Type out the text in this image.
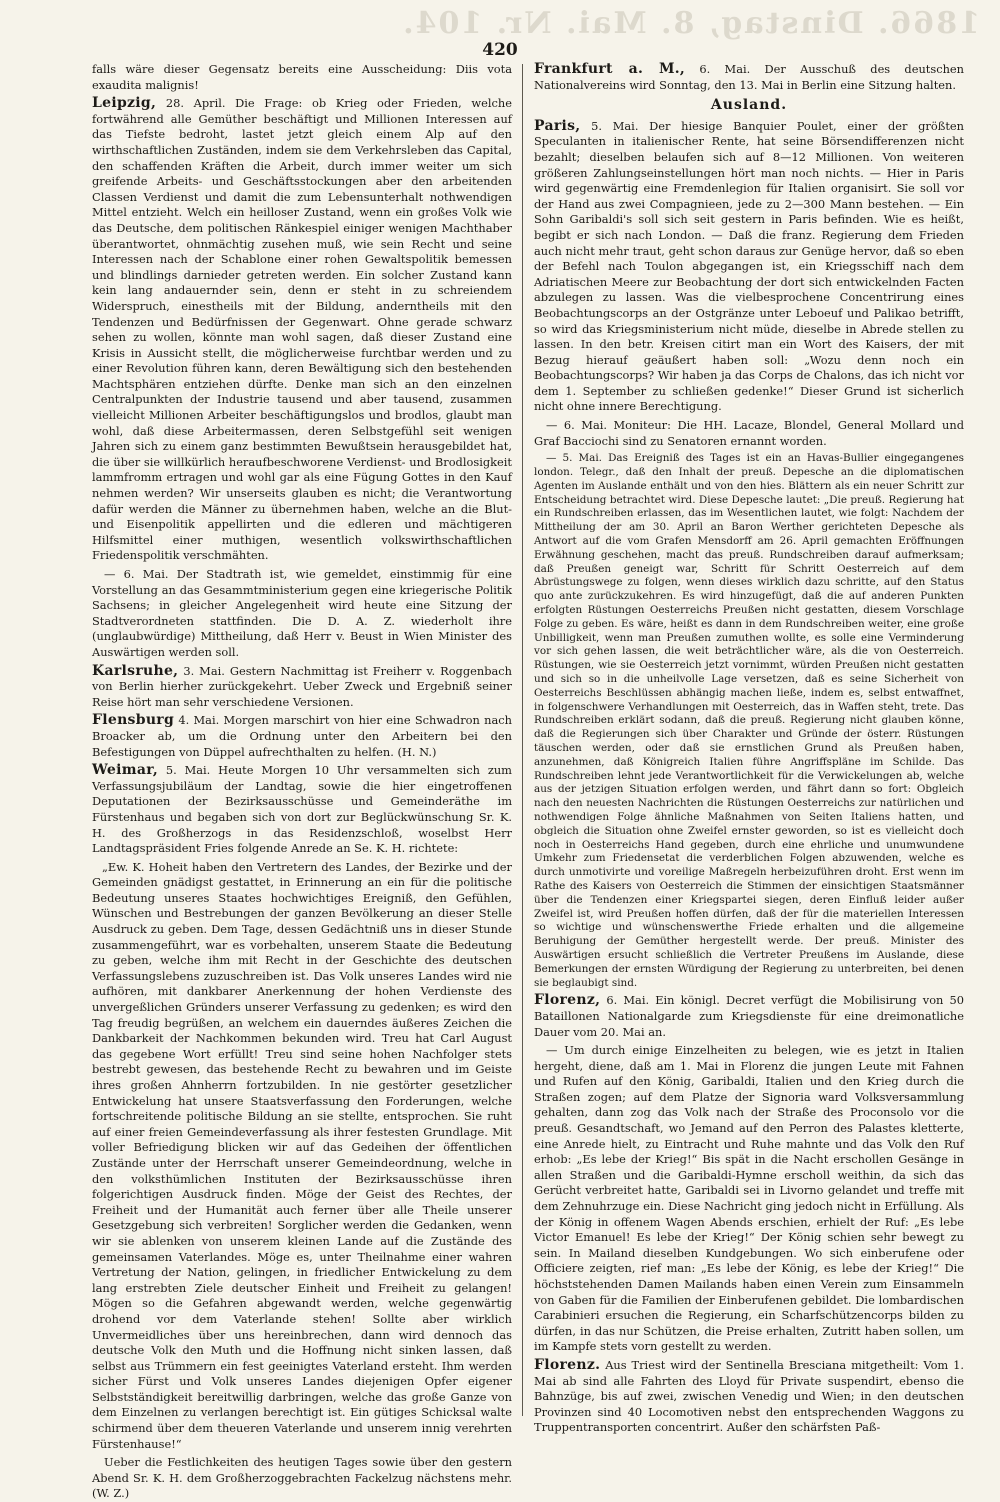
1866. Dinstag, 8. Mai. Nr. 104.
420

falls wäre dieser Gegensatz bereits eine Ausscheidung: Diis vota exaudita malignis!

Leipzig, 28. April. Die Frage: ob Krieg oder Frieden, welche fortwährend alle Gemüther beschäftigt und Millionen Interessen auf das Tiefste bedroht, lastet jetzt gleich einem Alp auf den wirthschaftlichen Zuständen, indem sie dem Verkehrsleben das Capital, den schaffenden Kräften die Arbeit, durch immer weiter um sich greifende Arbeits- und Geschäftsstockungen aber den arbeitenden Classen Verdienst und damit die zum Lebensunterhalt nothwendigen Mittel entzieht. Welch ein heilloser Zustand, wenn ein großes Volk wie das Deutsche, dem politischen Ränkespiel einiger wenigen Machthaber überantwortet, ohnmächtig zusehen muß, wie sein Recht und seine Interessen nach der Schablone einer rohen Gewaltspolitik bemessen und blindlings darnieder getreten werden. Ein solcher Zustand kann kein lang andauernder sein, denn er steht in zu schreiendem Widerspruch, einestheils mit der Bildung, anderntheils mit den Tendenzen und Bedürfnissen der Gegenwart. Ohne gerade schwarz sehen zu wollen, könnte man wohl sagen, daß dieser Zustand eine Krisis in Aussicht stellt, die möglicherweise furchtbar werden und zu einer Revolution führen kann, deren Bewältigung sich den bestehenden Machtsphären entziehen dürfte. Denke man sich an den einzelnen Centralpunkten der Industrie tausend und aber tausend, zusammen vielleicht Millionen Arbeiter beschäftigungslos und brodlos, glaubt man wohl, daß diese Arbeitermassen, deren Selbstgefühl seit wenigen Jahren sich zu einem ganz bestimmten Bewußtsein herausgebildet hat, die über sie willkürlich heraufbeschworene Verdienst- und Brodlosigkeit lammfromm ertragen und wohl gar als eine Fügung Gottes in den Kauf nehmen werden? Wir unserseits glauben es nicht; die Verantwortung dafür werden die Männer zu übernehmen haben, welche an die Blut- und Eisenpolitik appellirten und die edleren und mächtigeren Hilfsmittel einer muthigen, wesentlich volkswirthschaftlichen Friedenspolitik verschmähten.

— 6. Mai. Der Stadtrath ist, wie gemeldet, einstimmig für eine Vorstellung an das Gesammtministerium gegen eine kriegerische Politik Sachsens; in gleicher Angelegenheit wird heute eine Sitzung der Stadtverordneten stattfinden. Die D. A. Z. wiederholt ihre (unglaubwürdige) Mittheilung, daß Herr v. Beust in Wien Minister des Auswärtigen werden soll.

Karlsruhe, 3. Mai. Gestern Nachmittag ist Freiherr v. Roggenbach von Berlin hierher zurückgekehrt. Ueber Zweck und Ergebniß seiner Reise hört man sehr verschiedene Versionen.

Flensburg 4. Mai. Morgen marschirt von hier eine Schwadron nach Broacker ab, um die Ordnung unter den Arbeitern bei den Befestigungen von Düppel aufrechthalten zu helfen. (H. N.)

Weimar, 5. Mai. Heute Morgen 10 Uhr versammelten sich zum Verfassungsjubiläum der Landtag, sowie die hier eingetroffenen Deputationen der Bezirksausschüsse und Gemeinderäthe im Fürstenhaus und begaben sich von dort zur Beglückwünschung Sr. K. H. des Großherzogs in das Residenzschloß, woselbst Herr Landtagspräsident Fries folgende Anrede an Se. K. H. richtete:

„Ew. K. Hoheit haben den Vertretern des Landes, der Bezirke und der Gemeinden gnädigst gestattet, in Erinnerung an ein für die politische Bedeutung unseres Staates hochwichtiges Ereigniß, den Gefühlen, Wünschen und Bestrebungen der ganzen Bevölkerung an dieser Stelle Ausdruck zu geben. Dem Tage, dessen Gedächtniß uns in dieser Stunde zusammengeführt, war es vorbehalten, unserem Staate die Bedeutung zu geben, welche ihm mit Recht in der Geschichte des deutschen Verfassungslebens zuzuschreiben ist. Das Volk unseres Landes wird nie aufhören, mit dankbarer Anerkennung der hohen Verdienste des unvergeßlichen Gründers unserer Verfassung zu gedenken; es wird den Tag freudig begrüßen, an welchem ein dauerndes äußeres Zeichen die Dankbarkeit der Nachkommen bekunden wird. Treu hat Carl August das gegebene Wort erfüllt! Treu sind seine hohen Nachfolger stets bestrebt gewesen, das bestehende Recht zu bewahren und im Geiste ihres großen Ahnherrn fortzubilden. In nie gestörter gesetzlicher Entwickelung hat unsere Staatsverfassung den Forderungen, welche fortschreitende politische Bildung an sie stellte, entsprochen. Sie ruht auf einer freien Gemeindeverfassung als ihrer festesten Grundlage. Mit voller Befriedigung blicken wir auf das Gedeihen der öffentlichen Zustände unter der Herrschaft unserer Gemeindeordnung, welche in den volksthümlichen Instituten der Bezirksausschüsse ihren folgerichtigen Ausdruck finden. Möge der Geist des Rechtes, der Freiheit und der Humanität auch ferner über alle Theile unserer Gesetzgebung sich verbreiten! Sorglicher werden die Gedanken, wenn wir sie ablenken von unserem kleinen Lande auf die Zustände des gemeinsamen Vaterlandes. Möge es, unter Theilnahme einer wahren Vertretung der Nation, gelingen, in friedlicher Entwickelung zu dem lang erstrebten Ziele deutscher Einheit und Freiheit zu gelangen! Mögen so die Gefahren abgewandt werden, welche gegenwärtig drohend vor dem Vaterlande stehen! Sollte aber wirklich Unvermeidliches über uns hereinbrechen, dann wird dennoch das deutsche Volk den Muth und die Hoffnung nicht sinken lassen, daß selbst aus Trümmern ein fest geeinigtes Vaterland ersteht. Ihm werden sicher Fürst und Volk unseres Landes diejenigen Opfer eigener Selbstständigkeit bereitwillig darbringen, welche das große Ganze von dem Einzelnen zu verlangen berechtigt ist. Ein gütiges Schicksal walte schirmend über dem theueren Vaterlande und unserem innig verehrten Fürstenhause!“

Ueber die Festlichkeiten des heutigen Tages sowie über den gestern Abend Sr. K. H. dem Großherzoggebrachten Fackelzug nächstens mehr. (W. Z.)

Frankfurt a. M., 6. Mai. Der Ausschuß des deutschen Nationalvereins wird Sonntag, den 13. Mai in Berlin eine Sitzung halten.

Ausland.

Paris, 5. Mai. Der hiesige Banquier Poulet, einer der größten Speculanten in italienischer Rente, hat seine Börsendifferenzen nicht bezahlt; dieselben belaufen sich auf 8—12 Millionen. Von weiteren größeren Zahlungseinstellungen hört man noch nichts. — Hier in Paris wird gegenwärtig eine Fremdenlegion für Italien organisirt. Sie soll vor der Hand aus zwei Compagnieen, jede zu 2—300 Mann bestehen. — Ein Sohn Garibaldi's soll sich seit gestern in Paris befinden. Wie es heißt, begibt er sich nach London. — Daß die franz. Regierung dem Frieden auch nicht mehr traut, geht schon daraus zur Genüge hervor, daß so eben der Befehl nach Toulon abgegangen ist, ein Kriegsschiff nach dem Adriatischen Meere zur Beobachtung der dort sich entwickelnden Facten abzulegen zu lassen. Was die vielbesprochene Concentrirung eines Beobachtungscorps an der Ostgränze unter Leboeuf und Palikao betrifft, so wird das Kriegsministerium nicht müde, dieselbe in Abrede stellen zu lassen. In den betr. Kreisen citirt man ein Wort des Kaisers, der mit Bezug hierauf geäußert haben soll: „Wozu denn noch ein Beobachtungscorps? Wir haben ja das Corps de Chalons, das ich nicht vor dem 1. September zu schließen gedenke!“ Dieser Grund ist sicherlich nicht ohne innere Berechtigung.

— 6. Mai. Moniteur: Die HH. Lacaze, Blondel, General Mollard und Graf Bacciochi sind zu Senatoren ernannt worden.

— 5. Mai. Das Ereigniß des Tages ist ein an Havas-Bullier eingegangenes london. Telegr., daß den Inhalt der preuß. Depesche an die diplomatischen Agenten im Auslande enthält und von den hies. Blättern als ein neuer Schritt zur Entscheidung betrachtet wird. Diese Depesche lautet: „Die preuß. Regierung hat ein Rundschreiben erlassen, das im Wesentlichen lautet, wie folgt: Nachdem der Mittheilung der am 30. April an Baron Werther gerichteten Depesche als Antwort auf die vom Grafen Mensdorff am 26. April gemachten Eröffnungen Erwähnung geschehen, macht das preuß. Rundschreiben darauf aufmerksam; daß Preußen geneigt war, Schritt für Schritt Oesterreich auf dem Abrüstungswege zu folgen, wenn dieses wirklich dazu schritte, auf den Status quo ante zurückzukehren. Es wird hinzugefügt, daß die auf anderen Punkten erfolgten Rüstungen Oesterreichs Preußen nicht gestatten, diesem Vorschlage Folge zu geben. Es wäre, heißt es dann in dem Rundschreiben weiter, eine große Unbilligkeit, wenn man Preußen zumuthen wollte, es solle eine Verminderung vor sich gehen lassen, die weit beträchtlicher wäre, als die von Oesterreich. Rüstungen, wie sie Oesterreich jetzt vornimmt, würden Preußen nicht gestatten und sich so in die unheilvolle Lage versetzen, daß es seine Sicherheit von Oesterreichs Beschlüssen abhängig machen ließe, indem es, selbst entwaffnet, in folgenschwere Verhandlungen mit Oesterreich, das in Waffen steht, trete. Das Rundschreiben erklärt sodann, daß die preuß. Regierung nicht glauben könne, daß die Regierungen sich über Charakter und Gründe der österr. Rüstungen täuschen werden, oder daß sie ernstlichen Grund als Preußen haben, anzunehmen, daß Königreich Italien führe Angriffspläne im Schilde. Das Rundschreiben lehnt jede Verantwortlichkeit für die Verwickelungen ab, welche aus der jetzigen Situation erfolgen werden, und fährt dann so fort: Obgleich nach den neuesten Nachrichten die Rüstungen Oesterreichs zur natürlichen und nothwendigen Folge ähnliche Maßnahmen von Seiten Italiens hatten, und obgleich die Situation ohne Zweifel ernster geworden, so ist es vielleicht doch noch in Oesterreichs Hand gegeben, durch eine ehrliche und unumwundene Umkehr zum Friedensetat die verderblichen Folgen abzuwenden, welche es durch unmotivirte und voreilige Maßregeln herbeizuführen droht. Erst wenn im Rathe des Kaisers von Oesterreich die Stimmen der einsichtigen Staatsmänner über die Tendenzen einer Kriegspartei siegen, deren Einfluß leider außer Zweifel ist, wird Preußen hoffen dürfen, daß der für die materiellen Interessen so wichtige und wünschenswerthe Friede erhalten und die allgemeine Beruhigung der Gemüther hergestellt werde. Der preuß. Minister des Auswärtigen ersucht schließlich die Vertreter Preußens im Auslande, diese Bemerkungen der ernsten Würdigung der Regierung zu unterbreiten, bei denen sie beglaubigt sind.

Florenz, 6. Mai. Ein königl. Decret verfügt die Mobilisirung von 50 Bataillonen Nationalgarde zum Kriegsdienste für eine dreimonatliche Dauer vom 20. Mai an.

— Um durch einige Einzelheiten zu belegen, wie es jetzt in Italien hergeht, diene, daß am 1. Mai in Florenz die jungen Leute mit Fahnen und Rufen auf den König, Garibaldi, Italien und den Krieg durch die Straßen zogen; auf dem Platze der Signoria ward Volksversammlung gehalten, dann zog das Volk nach der Straße des Proconsolo vor die preuß. Gesandtschaft, wo Jemand auf den Perron des Palastes kletterte, eine Anrede hielt, zu Eintracht und Ruhe mahnte und das Volk den Ruf erhob: „Es lebe der Krieg!“ Bis spät in die Nacht erschollen Gesänge in allen Straßen und die Garibaldi-Hymne erscholl weithin, da sich das Gerücht verbreitet hatte, Garibaldi sei in Livorno gelandet und treffe mit dem Zehnuhrzuge ein. Diese Nachricht ging jedoch nicht in Erfüllung. Als der König in offenem Wagen Abends erschien, erhielt der Ruf: „Es lebe Victor Emanuel! Es lebe der Krieg!“ Der König schien sehr bewegt zu sein. In Mailand dieselben Kundgebungen. Wo sich einberufene oder Officiere zeigten, rief man: „Es lebe der König, es lebe der Krieg!“ Die höchststehenden Damen Mailands haben einen Verein zum Einsammeln von Gaben für die Familien der Einberufenen gebildet. Die lombardischen Carabinieri ersuchen die Regierung, ein Scharfschützencorps bilden zu dürfen, in das nur Schützen, die Preise erhalten, Zutritt haben sollen, um im Kampfe stets vorn gestellt zu werden.

Florenz. Aus Triest wird der Sentinella Bresciana mitgetheilt: Vom 1. Mai ab sind alle Fahrten des Lloyd für Private suspendirt, ebenso die Bahnzüge, bis auf zwei, zwischen Venedig und Wien; in den deutschen Provinzen sind 40 Locomotiven nebst den entsprechenden Waggons zu Truppentransporten concentrirt. Außer den schärfsten Paß-
